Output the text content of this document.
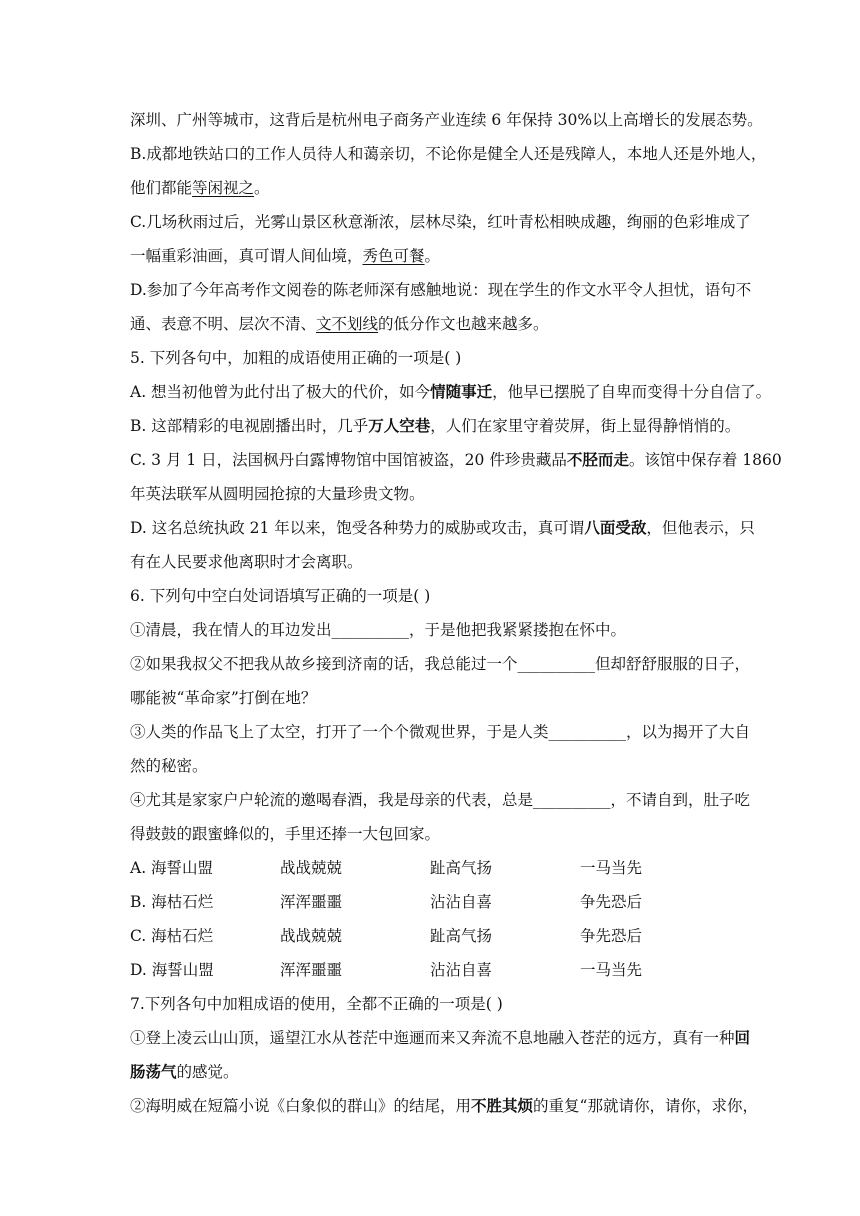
深圳、广州等城市，这背后是杭州电子商务产业连续 6 年保持 30%以上高增长的发展态势。
B.成都地铁站口的工作人员待人和蔼亲切，不论你是健全人还是残障人，本地人还是外地人，
他们都能等闲视之。
C.几场秋雨过后，光雾山景区秋意渐浓，层林尽染，红叶青松相映成趣，绚丽的色彩堆成了
一幅重彩油画，真可谓人间仙境，秀色可餐。
D.参加了今年高考作文阅卷的陈老师深有感触地说：现在学生的作文水平令人担忧，语句不
通、表意不明、层次不清、文不划线的低分作文也越来越多。
5. 下列各句中，加粗的成语使用正确的一项是( )
A. 想当初他曾为此付出了极大的代价，如今情随事迁，他早已摆脱了自卑而变得十分自信了。
B. 这部精彩的电视剧播出时，几乎万人空巷，人们在家里守着荧屏，街上显得静悄悄的。
C. 3 月 1 日，法国枫丹白露博物馆中国馆被盗，20 件珍贵藏品不胫而走。该馆中保存着 1860
年英法联军从圆明园抢掠的大量珍贵文物。
D. 这名总统执政 21 年以来，饱受各种势力的威胁或攻击，真可谓八面受敌，但他表示，只
有在人民要求他离职时才会离职。
6. 下列句中空白处词语填写正确的一项是( )
①清晨，我在情人的耳边发出__________，于是他把我紧紧搂抱在怀中。
②如果我叔父不把我从故乡接到济南的话，我总能过一个__________但却舒舒服服的日子，
哪能被“革命家”打倒在地？
③人类的作品飞上了太空，打开了一个个微观世界，于是人类__________，以为揭开了大自
然的秘密。
④尤其是家家户户轮流的邀喝春酒，我是母亲的代表，总是__________，不请自到，肚子吃
得鼓鼓的跟蜜蜂似的，手里还捧一大包回家。
A. 海誓山盟	战战兢兢	趾高气扬	一马当先
B. 海枯石烂	浑浑噩噩	沾沾自喜	争先恐后
C. 海枯石烂	战战兢兢	趾高气扬	争先恐后
D. 海誓山盟	浑浑噩噩	沾沾自喜	一马当先
7.下列各句中加粗成语的使用，全都不正确的一项是( )
①登上凌云山山顶，遥望江水从苍茫中迤逦而来又奔流不息地融入苍茫的远方，真有一种回
肠荡气的感觉。
②海明威在短篇小说《白象似的群山》的结尾，用不胜其烦的重复“那就请你，请你，求你，
